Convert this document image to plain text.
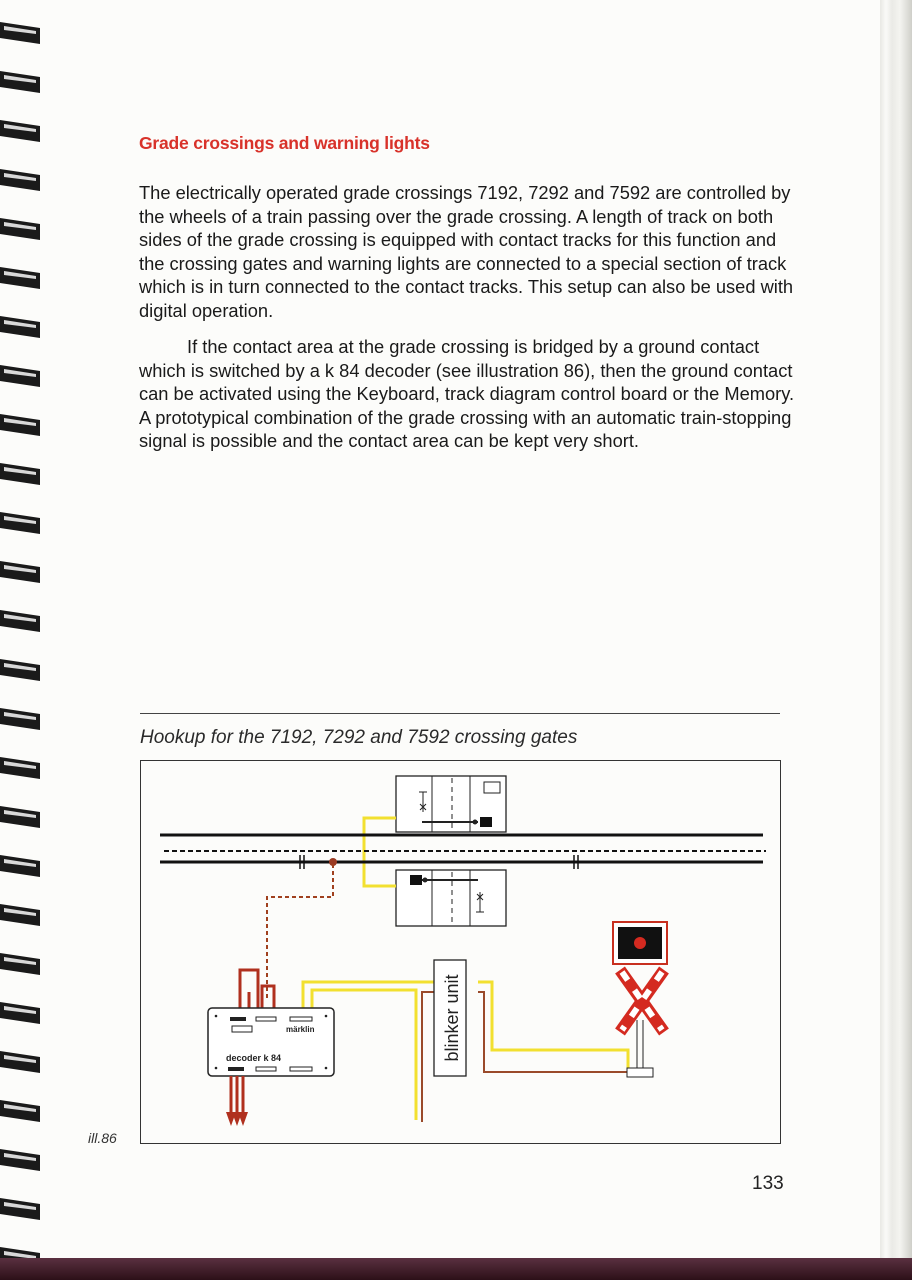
Grade crossings and warning lights
The electrically operated grade crossings 7192, 7292 and 7592 are controlled by the wheels of a train passing over the grade crossing. A length of track on both sides of the grade crossing is equipped with contact tracks for this function and the crossing gates and warning lights are connected to a special section of track which is in turn connected to the contact tracks. This setup can also be used with digital operation.
If the contact area at the grade crossing is bridged by a ground contact which is switched by a k 84 decoder (see illustration 86), then the ground contact can be activated using the Keyboard, track diagram control board or the Memory. A prototypical combination of the grade crossing with an automatic train-stopping signal is possible and the contact area can be kept very short.
Hookup for the 7192, 7292 and 7592 crossing gates
blinker unit
märklin
decoder k 84
ill.86
133
